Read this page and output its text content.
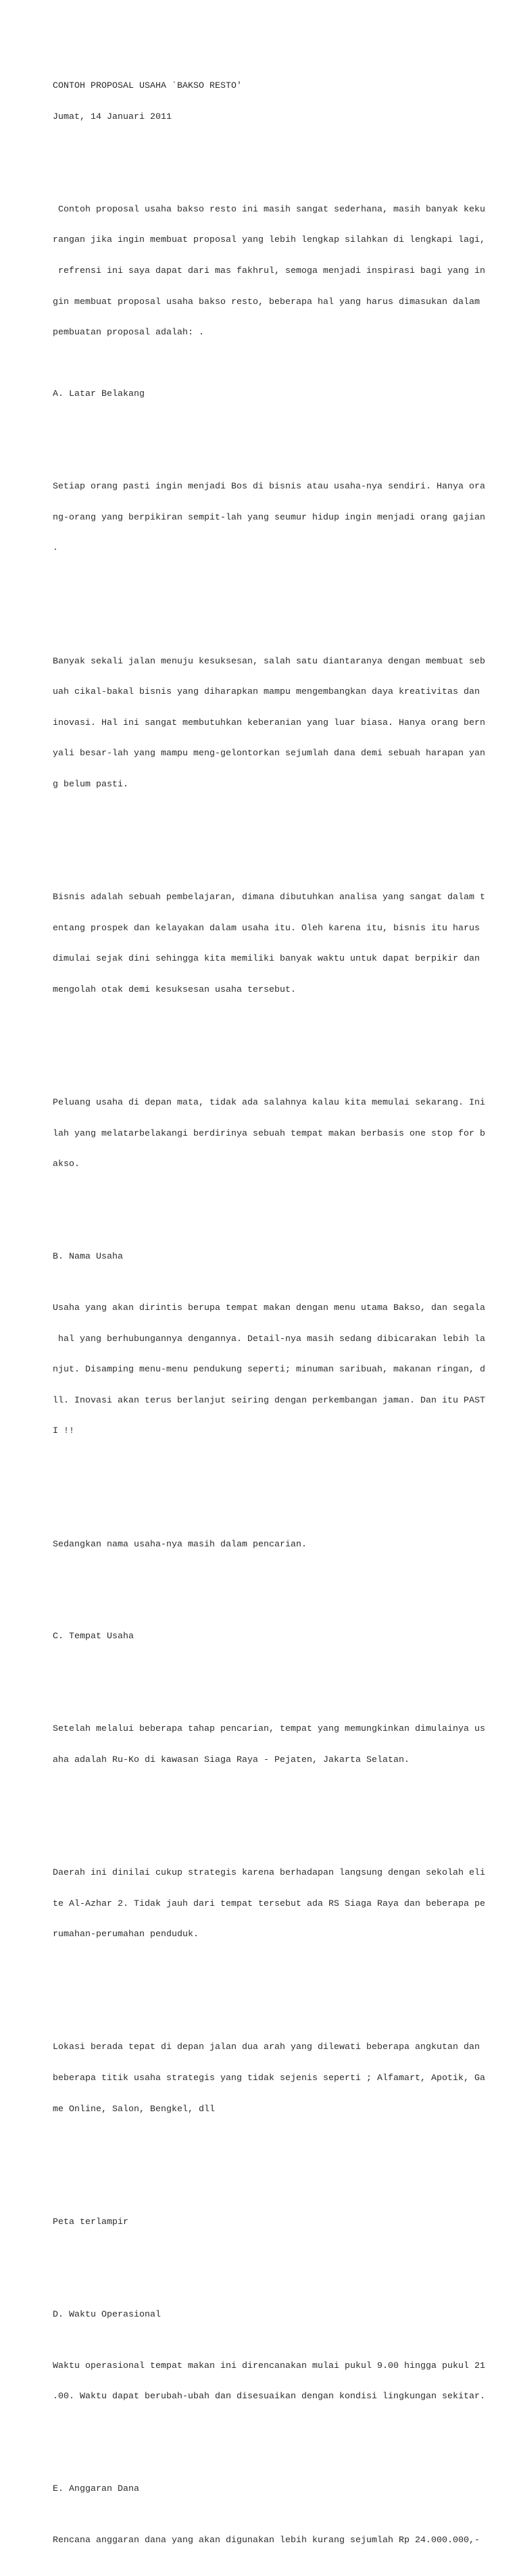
CONTOH PROPOSAL USAHA `BAKSO RESTO'

Jumat, 14 Januari 2011

Contoh proposal usaha bakso resto ini masih sangat sederhana, masih banyak keku

rangan jika ingin membuat proposal yang lebih lengkap silahkan di lengkapi lagi,

refrensi ini saya dapat dari mas fakhrul, semoga menjadi inspirasi bagi yang in

gin membuat proposal usaha bakso resto, beberapa hal yang harus dimasukan dalam

pembuatan proposal adalah: .

A. Latar Belakang

Setiap orang pasti ingin menjadi Bos di bisnis atau usaha-nya sendiri. Hanya ora

ng-orang yang berpikiran sempit-lah yang seumur hidup ingin menjadi orang gajian

.

Banyak sekali jalan menuju kesuksesan, salah satu diantaranya dengan membuat seb

uah cikal-bakal bisnis yang diharapkan mampu mengembangkan daya kreativitas dan

inovasi. Hal ini sangat membutuhkan keberanian yang luar biasa. Hanya orang bern

yali besar-lah yang mampu meng-gelontorkan sejumlah dana demi sebuah harapan yan

g belum pasti.

Bisnis adalah sebuah pembelajaran, dimana dibutuhkan analisa yang sangat dalam t

entang prospek dan kelayakan dalam usaha itu. Oleh karena itu, bisnis itu harus

dimulai sejak dini sehingga kita memiliki banyak waktu untuk dapat berpikir dan

mengolah otak demi kesuksesan usaha tersebut.

Peluang usaha di depan mata, tidak ada salahnya kalau kita memulai sekarang. Ini

lah yang melatarbelakangi berdirinya sebuah tempat makan berbasis one stop for b

akso.

B. Nama Usaha

Usaha yang akan dirintis berupa tempat makan dengan menu utama Bakso, dan segala

hal yang berhubungannya dengannya. Detail-nya masih sedang dibicarakan lebih la

njut. Disamping menu-menu pendukung seperti; minuman saribuah, makanan ringan, d

ll. Inovasi akan terus berlanjut seiring dengan perkembangan jaman. Dan itu PAST

I !!

Sedangkan nama usaha-nya masih dalam pencarian.

C. Tempat Usaha

Setelah melalui beberapa tahap pencarian, tempat yang memungkinkan dimulainya us

aha adalah Ru-Ko di kawasan Siaga Raya - Pejaten, Jakarta Selatan.

Daerah ini dinilai cukup strategis karena berhadapan langsung dengan sekolah eli

te Al-Azhar 2. Tidak jauh dari tempat tersebut ada RS Siaga Raya dan beberapa pe

rumahan-perumahan penduduk.

Lokasi berada tepat di depan jalan dua arah yang dilewati beberapa angkutan dan

beberapa titik usaha strategis yang tidak sejenis seperti ; Alfamart, Apotik, Ga

me Online, Salon, Bengkel, dll

Peta terlampir

D. Waktu Operasional

Waktu operasional tempat makan ini direncanakan mulai pukul 9.00 hingga pukul 21

.00. Waktu dapat berubah-ubah dan disesuaikan dengan kondisi lingkungan sekitar.

E. Anggaran Dana

Rencana anggaran dana yang akan digunakan lebih kurang sejumlah Rp 24.000.000,-
